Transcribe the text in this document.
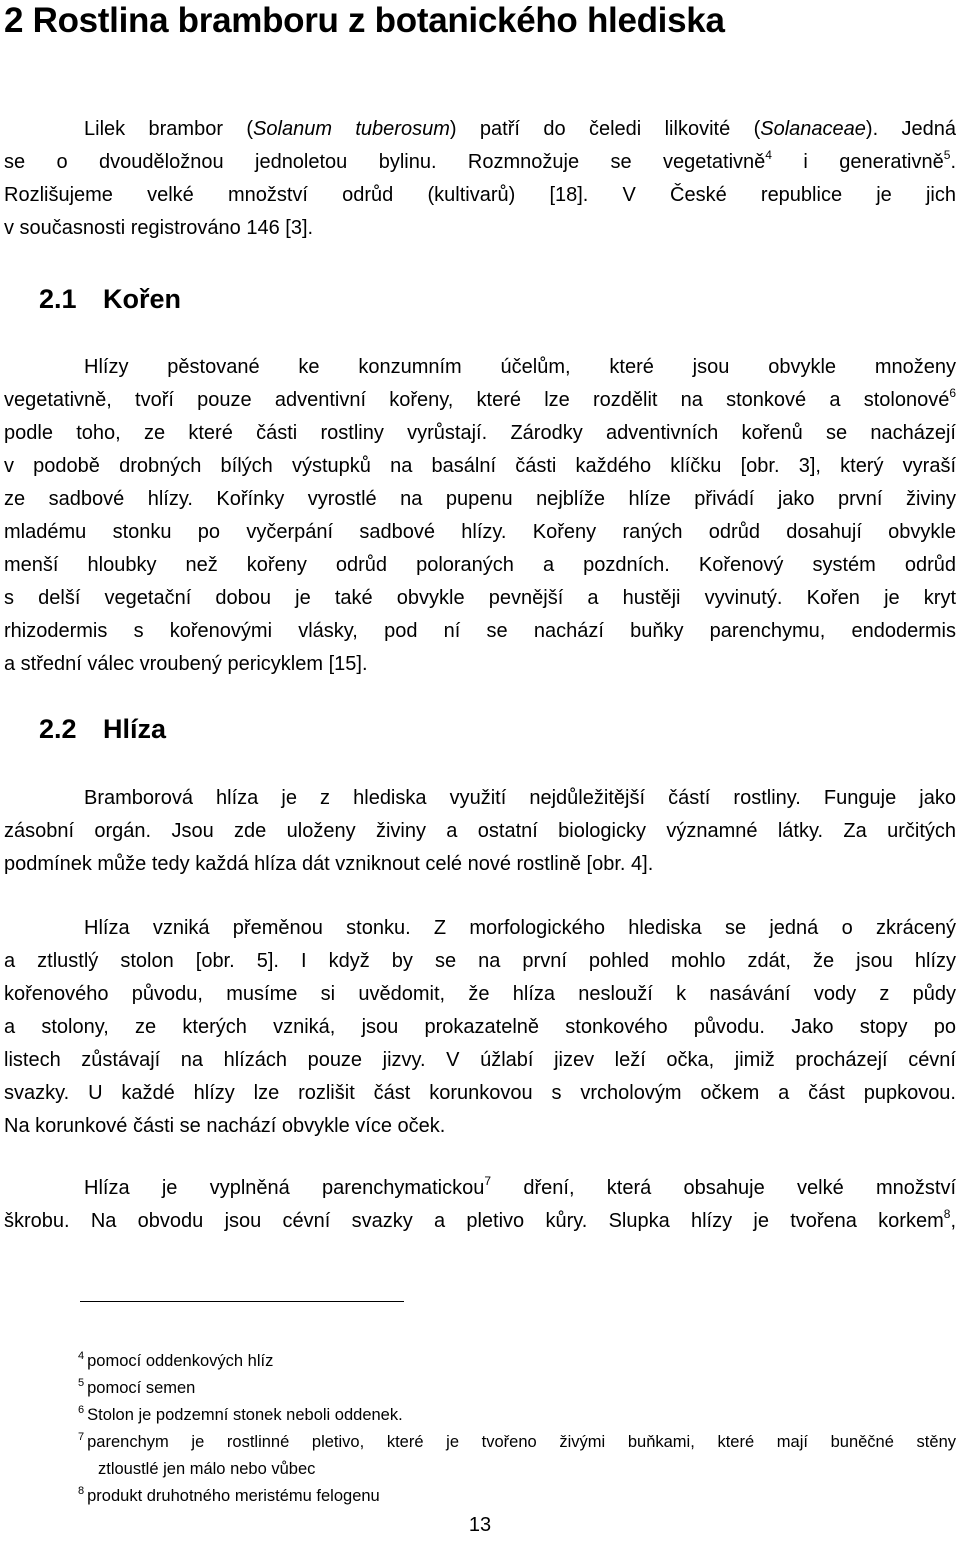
2 Rostlina bramboru z botanického hlediska
Lilek brambor (Solanum tuberosum) patří do čeledi lilkovité (Solanaceae). Jedná
se o dvouděložnou jednoletou bylinu. Rozmnožuje se vegetativně$^4$ i generativně$^5$.
Rozlišujeme velké množství odrůd (kultivarů) [18]. V České republice je jich
v současnosti registrováno 146 [3].
2.1 Kořen
Hlízy pěstované ke konzumním účelům, které jsou obvykle množeny
vegetativně, tvoří pouze adventivní kořeny, které lze rozdělit na stonkové a stolonové$^6$
podle toho, ze které části rostliny vyrůstají. Zárodky adventivních kořenů se nacházejí
v podobě drobných bílých výstupků na basální části každého klíčku [obr. 3], který vyraší
ze sadbové hlízy. Kořínky vyrostlé na pupenu nejblíže hlíze přivádí jako první živiny
mladému stonku po vyčerpání sadbové hlízy. Kořeny raných odrůd dosahují obvykle
menší hloubky než kořeny odrůd poloraných a pozdních. Kořenový systém odrůd
s delší vegetační dobou je také obvykle pevnější a hustěji vyvinutý. Kořen je kryt
rhizodermis s kořenovými vlásky, pod ní se nachází buňky parenchymu, endodermis
a střední válec vroubený pericyklem [15].
2.2 Hlíza
Bramborová hlíza je z hlediska využití nejdůležitější částí rostliny. Funguje jako
zásobní orgán. Jsou zde uloženy živiny a ostatní biologicky významné látky. Za určitých
podmínek může tedy každá hlíza dát vzniknout celé nové rostlině [obr. 4].
Hlíza vzniká přeměnou stonku. Z morfologického hlediska se jedná o zkrácený
a ztlustlý stolon [obr. 5]. I když by se na první pohled mohlo zdát, že jsou hlízy
kořenového původu, musíme si uvědomit, že hlíza neslouží k nasávání vody z půdy
a stolony, ze kterých vzniká, jsou prokazatelně stonkového původu. Jako stopy po
listech zůstávají na hlízách pouze jizvy. V úžlabí jizev leží očka, jimiž procházejí cévní
svazky. U každé hlízy lze rozlišit část korunkovou s vrcholovým očkem a část pupkovou.
Na korunkové části se nachází obvykle více oček.
Hlíza je vyplněná parenchymatickou$^7$ dření, která obsahuje velké množství
škrobu. Na obvodu jsou cévní svazky a pletivo kůry. Slupka hlízy je tvořena korkem$^8$,
$^4$ pomocí oddenkových hlíz
$^5$ pomocí semen
$^6$ Stolon je podzemní stonek neboli oddenek.
$^7$ parenchym je rostlinné pletivo, které je tvořeno živými buňkami, které mají buněčné stěny
ztloustlé jen málo nebo vůbec
$^8$ produkt druhotného meristému felogenu
13
